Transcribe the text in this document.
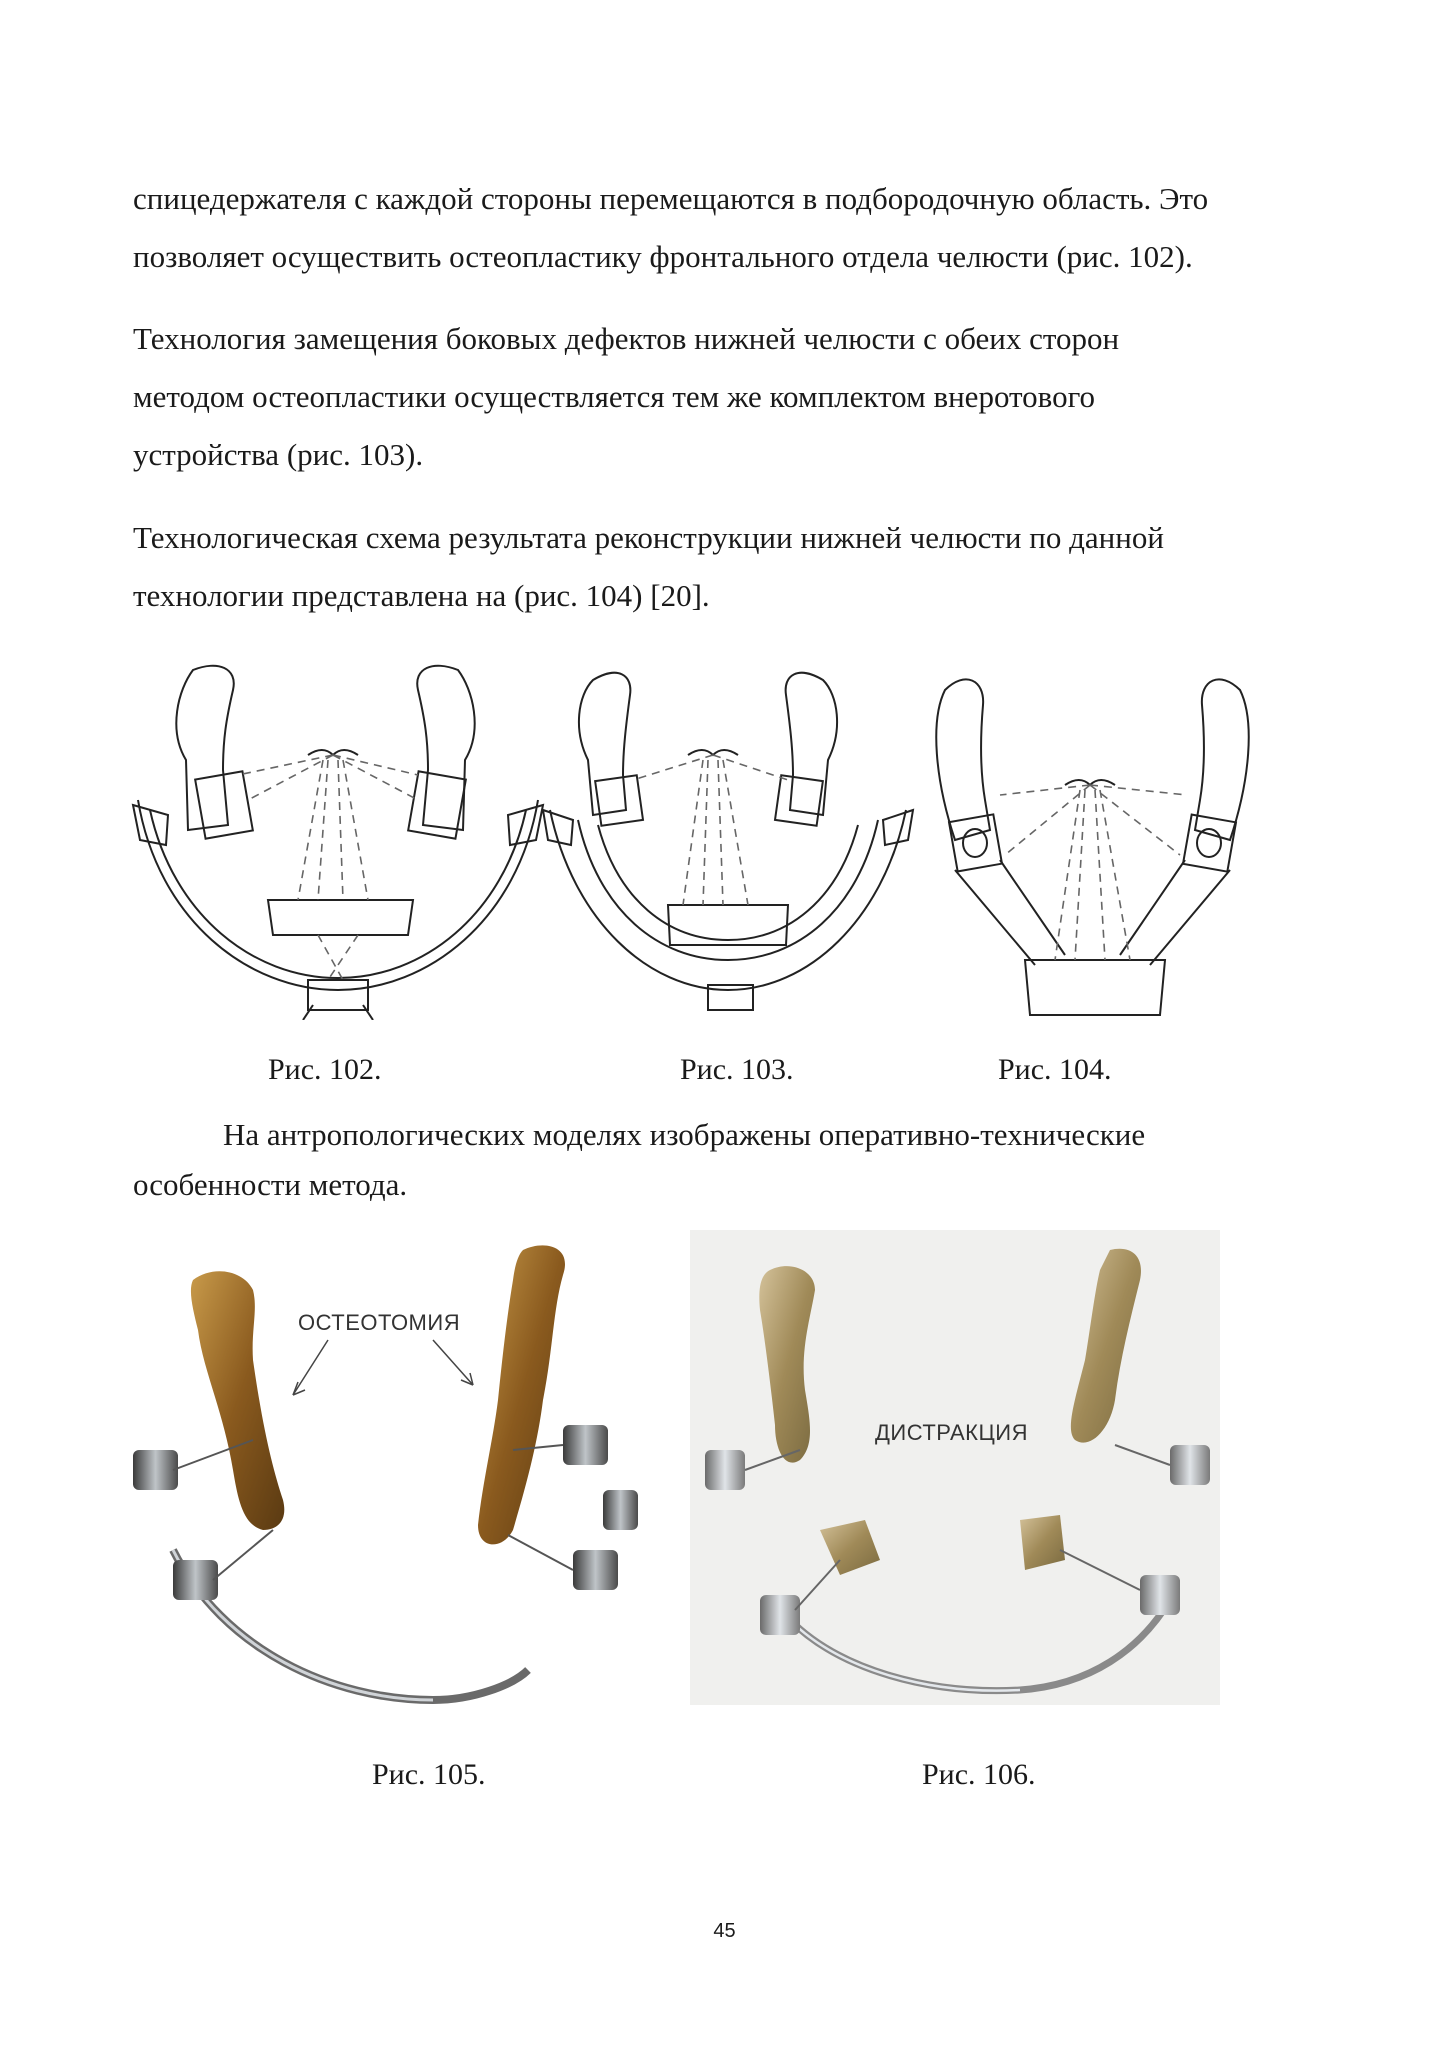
спицедержателя с каждой стороны перемещаются в подбородочную область. Это
позволяет осуществить остеопластику фронтального отдела челюсти (рис. 102).
Технология замещения боковых дефектов нижней челюсти с обеих сторон
методом остеопластики осуществляется тем же комплектом внеротового
устройства (рис. 103).
Технологическая схема результата реконструкции нижней челюсти по данной
технологии представлена на (рис. 104) [20].
Рис. 102.	Рис. 103.	Рис. 104.
На антропологических моделях изображены оперативно-технические
особенности метода.
ОСТЕОТОМИЯ
ДИСТРАКЦИЯ
Рис. 105.	Рис. 106.
45
